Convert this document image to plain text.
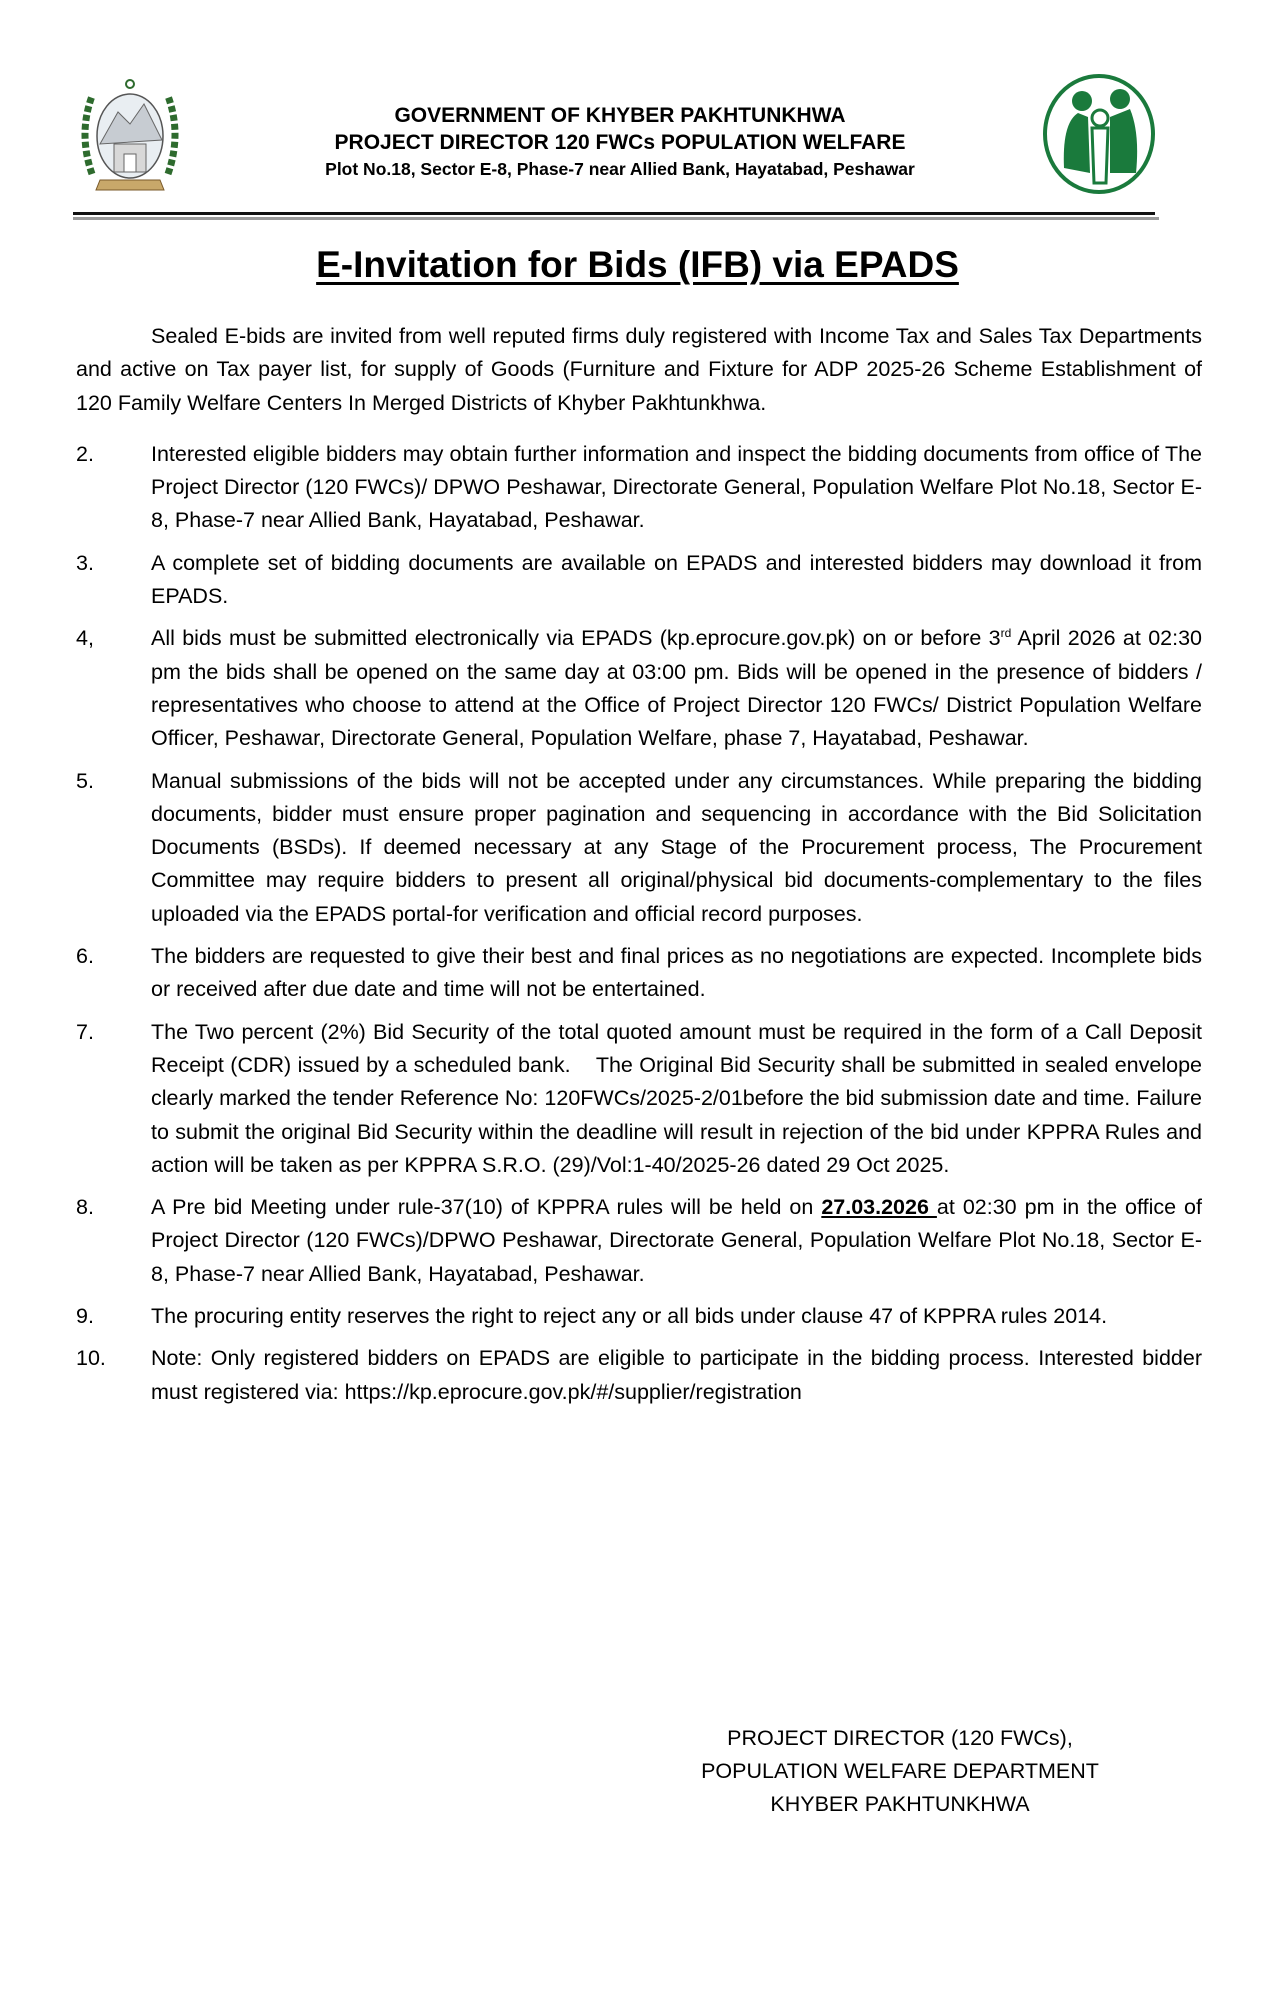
GOVERNMENT OF KHYBER PAKHTUNKHWA
PROJECT DIRECTOR 120 FWCs POPULATION WELFARE
Plot No.18, Sector E-8, Phase-7 near Allied Bank, Hayatabad, Peshawar
E-Invitation for Bids (IFB) via EPADS

Sealed E-bids are invited from well reputed firms duly registered with Income Tax and Sales Tax Departments and active on Tax payer list, for supply of Goods (Furniture and Fixture for ADP 2025-26 Scheme Establishment of 120 Family Welfare Centers In Merged Districts of Khyber Pakhtunkhwa.

2.	Interested eligible bidders may obtain further information and inspect the bidding documents from office of The Project Director (120 FWCs)/ DPWO Peshawar, Directorate General, Population Welfare Plot No.18, Sector E-8, Phase-7 near Allied Bank, Hayatabad, Peshawar.
3.	A complete set of bidding documents are available on EPADS and interested bidders may download it from EPADS.
4,	All bids must be submitted electronically via EPADS (kp.eprocure.gov.pk) on or before 3rd April 2026 at 02:30 pm the bids shall be opened on the same day at 03:00 pm. Bids will be opened in the presence of bidders / representatives who choose to attend at the Office of Project Director 120 FWCs/ District Population Welfare Officer, Peshawar, Directorate General, Population Welfare, phase 7, Hayatabad, Peshawar.
5.	Manual submissions of the bids will not be accepted under any circumstances. While preparing the bidding documents, bidder must ensure proper pagination and sequencing in accordance with the Bid Solicitation Documents (BSDs). If deemed necessary at any Stage of the Procurement process, The Procurement Committee may require bidders to present all original/physical bid documents-complementary to the files uploaded via the EPADS portal-for verification and official record purposes.
6.	The bidders are requested to give their best and final prices as no negotiations are expected. Incomplete bids or received after due date and time will not be entertained.
7.	The Two percent (2%) Bid Security of the total quoted amount must be required in the form of a Call Deposit Receipt (CDR) issued by a scheduled bank.    The Original Bid Security shall be submitted in sealed envelope clearly marked the tender Reference No: 120FWCs/2025-2/01before the bid submission date and time. Failure to submit the original Bid Security within the deadline will result in rejection of the bid under KPPRA Rules and action will be taken as per KPPRA S.R.O. (29)/Vol:1-40/2025-26 dated 29 Oct 2025.
8.	A Pre bid Meeting under rule-37(10) of KPPRA rules will be held on 27.03.2026 at 02:30 pm in the office of Project Director (120 FWCs)/DPWO Peshawar, Directorate General, Population Welfare Plot No.18, Sector E-8, Phase-7 near Allied Bank, Hayatabad, Peshawar.
9.	The procuring entity reserves the right to reject any or all bids under clause 47 of KPPRA rules 2014.
10.	Note: Only registered bidders on EPADS are eligible to participate in the bidding process. Interested bidder must registered via: https://kp.eprocure.gov.pk/#/supplier/registration
PROJECT DIRECTOR (120 FWCs),
POPULATION WELFARE DEPARTMENT
KHYBER PAKHTUNKHWA
